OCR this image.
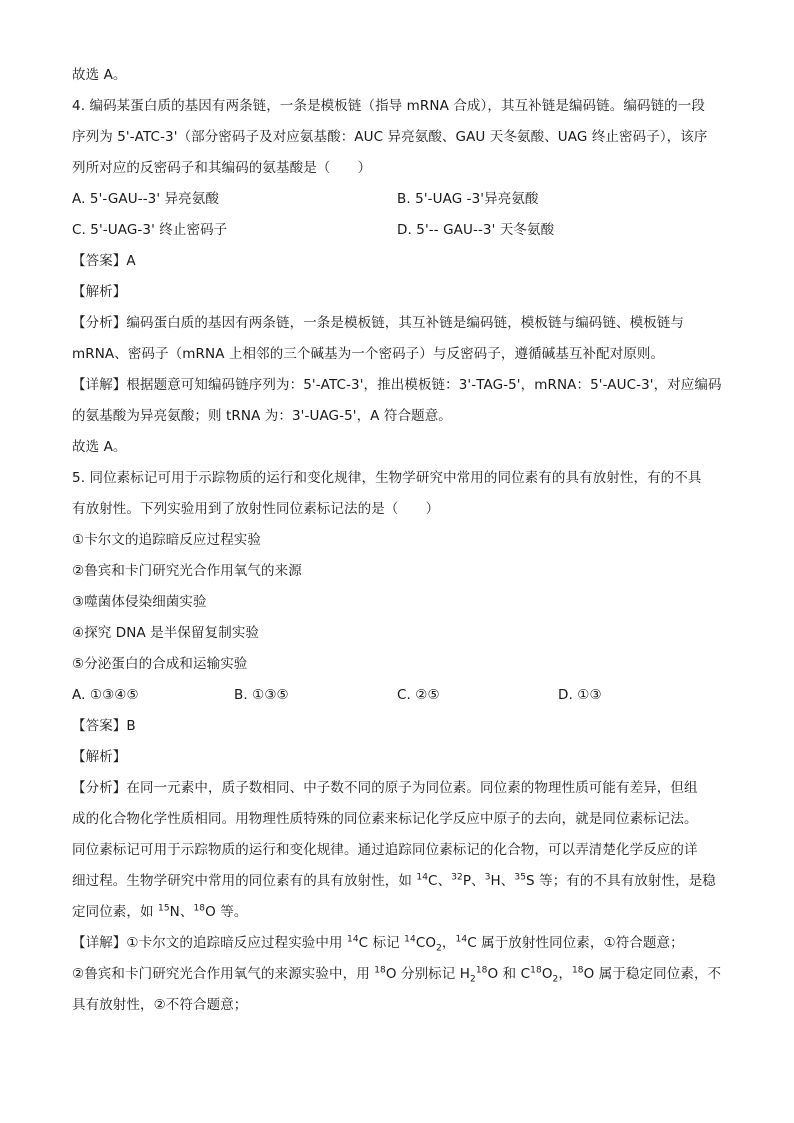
故选 A。
4. 编码某蛋白质的基因有两条链，一条是模板链（指导 mRNA 合成），其互补链是编码链。编码链的一段
序列为 5'-ATC-3'（部分密码子及对应氨基酸：AUC 异亮氨酸、GAU 天冬氨酸、UAG 终止密码子），该序
列所对应的反密码子和其编码的氨基酸是（　　）
A. 5'-GAU--3' 异亮氨酸	B. 5'-UAG -3'异亮氨酸
C. 5'-UAG-3' 终止密码子	D. 5'-- GAU--3' 天冬氨酸
【答案】A
【解析】
【分析】编码蛋白质的基因有两条链，一条是模板链，其互补链是编码链，模板链与编码链、模板链与
mRNA、密码子（mRNA 上相邻的三个碱基为一个密码子）与反密码子，遵循碱基互补配对原则。
【详解】根据题意可知编码链序列为：5'-ATC-3'，推出模板链：3'-TAG-5'，mRNA：5'-AUC-3'，对应编码
的氨基酸为异亮氨酸；则 tRNA 为：3'-UAG-5'，A 符合题意。
故选 A。
5. 同位素标记可用于示踪物质的运行和变化规律，生物学研究中常用的同位素有的具有放射性，有的不具
有放射性。下列实验用到了放射性同位素标记法的是（　　）
①卡尔文的追踪暗反应过程实验
②鲁宾和卡门研究光合作用氧气的来源
③噬菌体侵染细菌实验
④探究 DNA 是半保留复制实验
⑤分泌蛋白的合成和运输实验
A. ①③④⑤	B. ①③⑤	C. ②⑤	D. ①③
【答案】B
【解析】
【分析】在同一元素中，质子数相同、中子数不同的原子为同位素。同位素的物理性质可能有差异，但组
成的化合物化学性质相同。用物理性质特殊的同位素来标记化学反应中原子的去向，就是同位素标记法。
同位素标记可用于示踪物质的运行和变化规律。通过追踪同位素标记的化合物，可以弄清楚化学反应的详
细过程。生物学研究中常用的同位素有的具有放射性，如 $^{14}$C、$^{32}$P、$^3$H、$^{35}$S 等；有的不具有放射性，是稳
定同位素，如 $^{15}$N、$^{18}$O 等。
【详解】①卡尔文的追踪暗反应过程实验中用 $^{14}$C 标记 $^{14}CO_2$，$^{14}$C 属于放射性同位素，①符合题意；
②鲁宾和卡门研究光合作用氧气的来源实验中，用 $^{18}$O 分别标记 $H_2^{18}O$ 和 $C^{18}O_2$，$^{18}$O 属于稳定同位素，不
具有放射性，②不符合题意；
